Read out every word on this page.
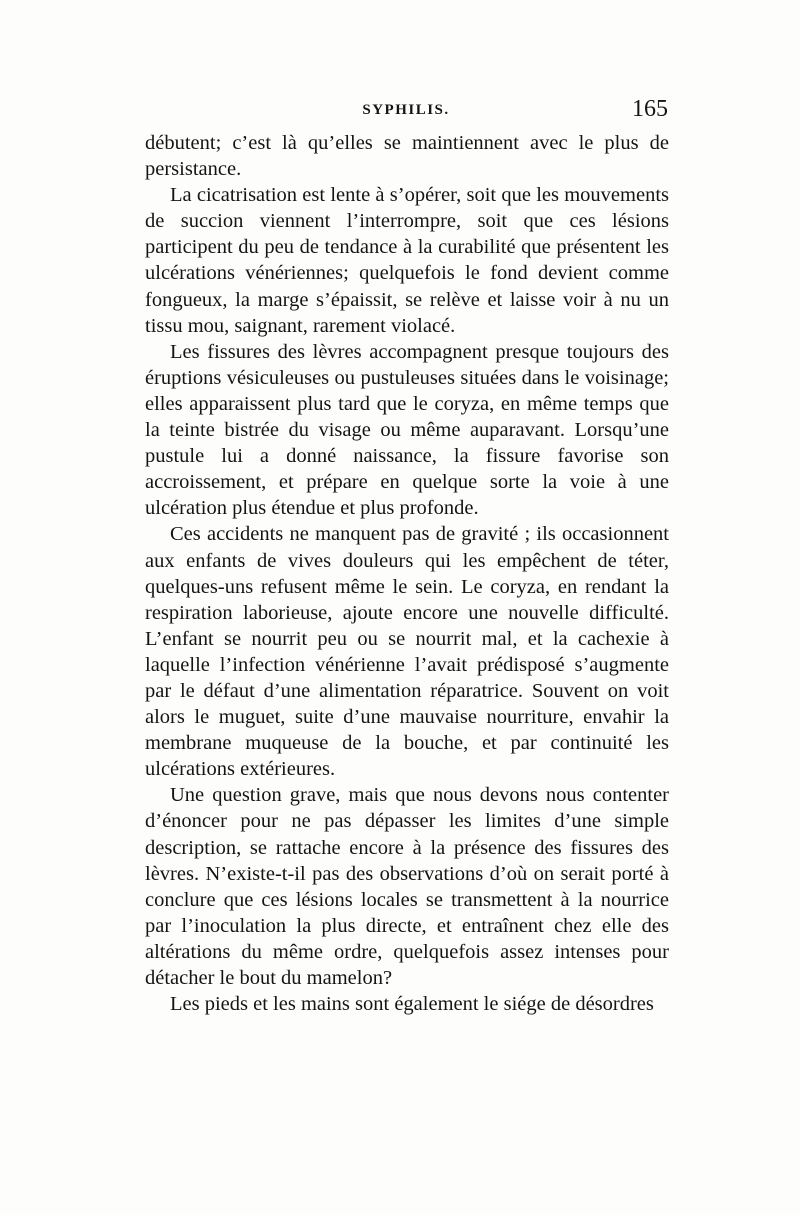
SYPHILIS.	165

débutent; c’est là qu’elles se maintiennent avec le plus de persistance.

La cicatrisation est lente à s’opérer, soit que les mouvements de succion viennent l’interrompre, soit que ces lésions participent du peu de tendance à la curabilité que présentent les ulcérations vénériennes; quelquefois le fond devient comme fongueux, la marge s’épaissit, se relève et laisse voir à nu un tissu mou, saignant, rarement violacé.

Les fissures des lèvres accompagnent presque toujours des éruptions vésiculeuses ou pustuleuses situées dans le voisinage; elles apparaissent plus tard que le coryza, en même temps que la teinte bistrée du visage ou même auparavant. Lorsqu’une pustule lui a donné naissance, la fissure favorise son accroissement, et prépare en quelque sorte la voie à une ulcération plus étendue et plus profonde.

Ces accidents ne manquent pas de gravité ; ils occasionnent aux enfants de vives douleurs qui les empêchent de téter, quelques-uns refusent même le sein. Le coryza, en rendant la respiration laborieuse, ajoute encore une nouvelle difficulté. L’enfant se nourrit peu ou se nourrit mal, et la cachexie à laquelle l’infection vénérienne l’avait prédisposé s’augmente par le défaut d’une alimentation réparatrice. Souvent on voit alors le muguet, suite d’une mauvaise nourriture, envahir la membrane muqueuse de la bouche, et par continuité les ulcérations extérieures.

Une question grave, mais que nous devons nous contenter d’énoncer pour ne pas dépasser les limites d’une simple description, se rattache encore à la présence des fissures des lèvres. N’existe-t-il pas des observations d’où on serait porté à conclure que ces lésions locales se transmettent à la nourrice par l’inoculation la plus directe, et entraînent chez elle des altérations du même ordre, quelquefois assez intenses pour détacher le bout du mamelon?

Les pieds et les mains sont également le siége de désordres
